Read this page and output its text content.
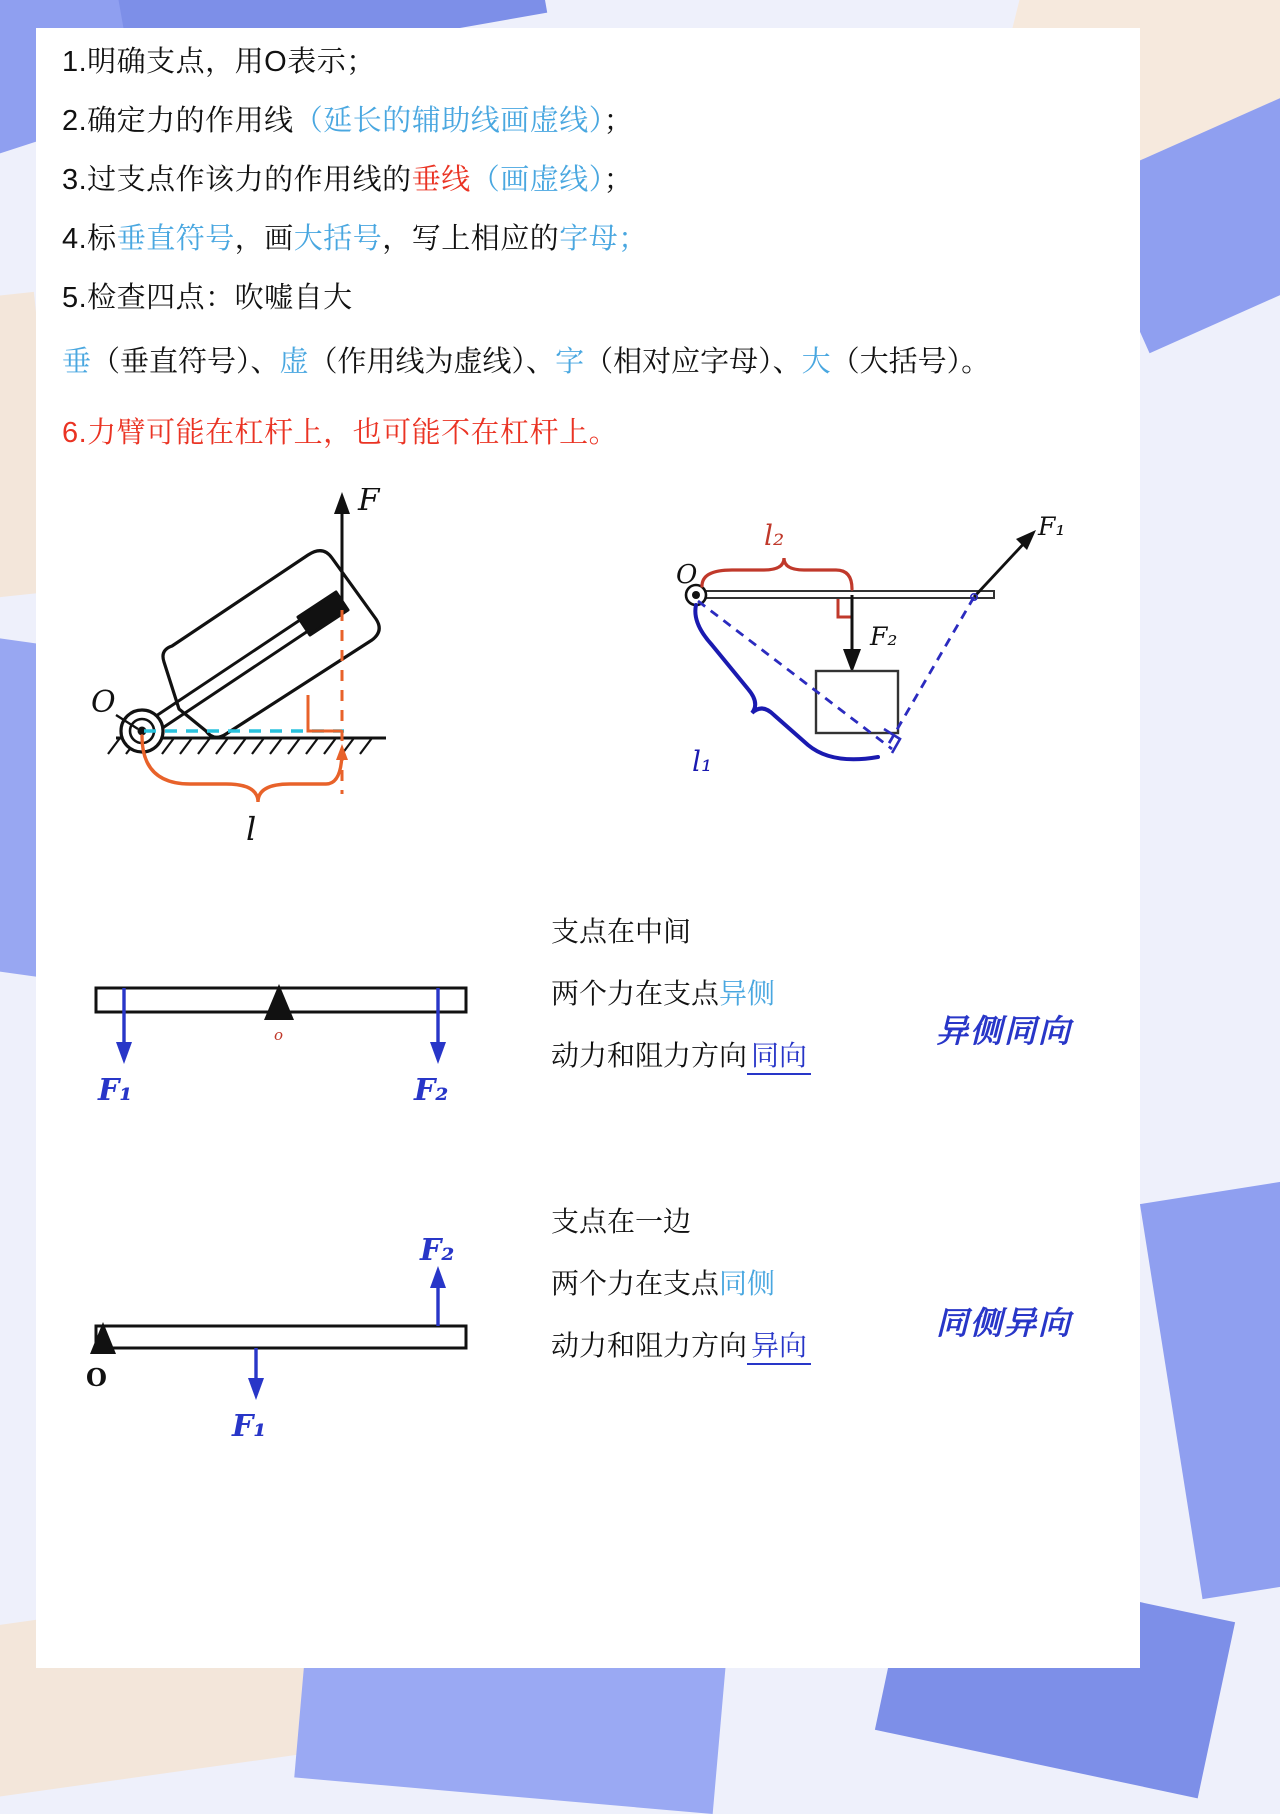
1.明确支点，用O表示；

2.确定力的作用线（延长的辅助线画虚线）；

3.过支点作该力的作用线的垂线（画虚线）；

4.标垂直符号，画大括号，写上相应的字母；

5.检查四点：吹嘘自大

垂（垂直符号）、虚（作用线为虚线）、字（相对应字母）、大（大括号）。

6.力臂可能在杠杆上，也可能不在杠杆上。

O
F
l
O
l₂
F₂
F₁
l₁
o
F₁	F₂

支点在中间

两个力在支点异侧

动力和阻力方向 同向

异侧同向
O
F₁
F₂

支点在一边

两个力在支点同侧

动力和阻力方向 异向

同侧异向
